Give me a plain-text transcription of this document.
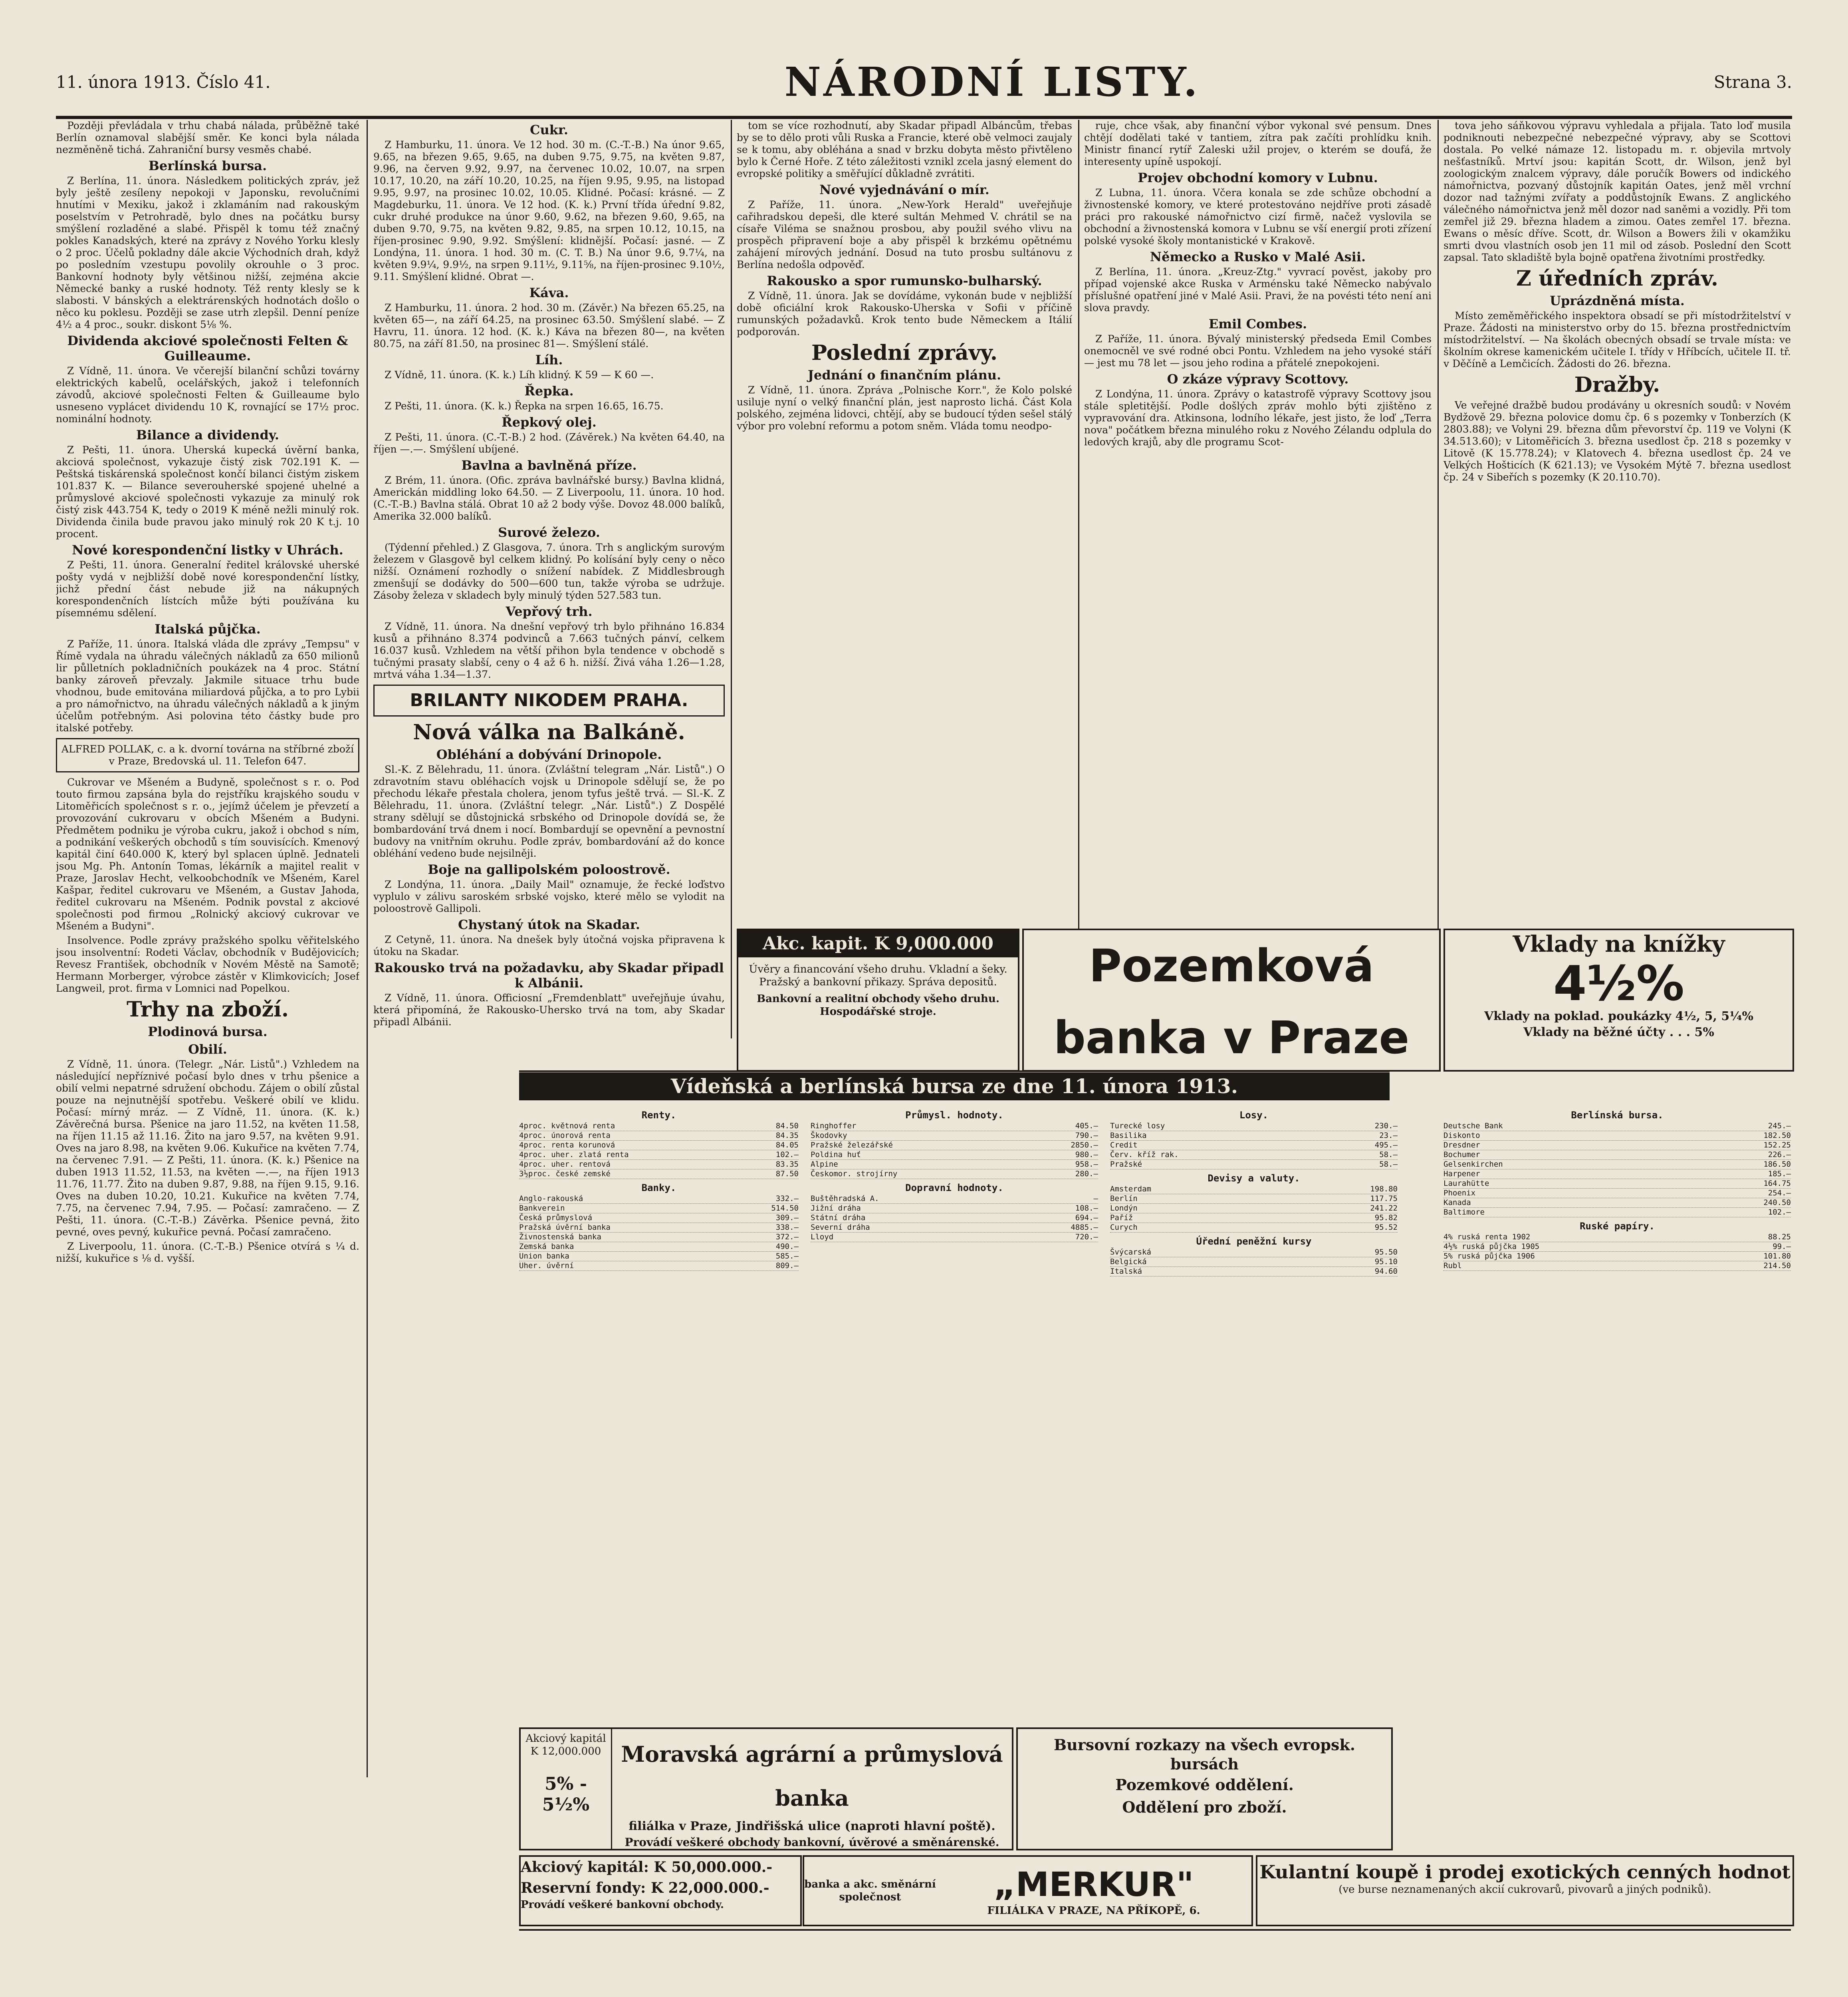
11. února 1913. Číslo 41.	NÁRODNÍ LISTY.	Strana 3.

Později převládala v trhu chabá nálada, průběžně také Berlín oznamoval slabější směr. Ke konci byla nálada nezměněně tichá. Zahraniční bursy vesměs chabé.

Berlínská bursa.

Z Berlína, 11. února. Následkem politických zpráv, jež byly ještě zesíleny nepokoji v Japonsku, revolučními hnutími v Mexiku, jakož i zklamáním nad rakouským poselstvím v Petrohradě, bylo dnes na počátku bursy smýšlení rozladěné a slabé. Přispěl k tomu též značný pokles Kanadských, které na zprávy z Nového Yorku klesly o 2 proc. Účelů pokladny dále akcie Východních drah, když po posledním vzestupu povolily okrouhle o 3 proc. Bankovní hodnoty byly většinou nižší, zejména akcie Německé banky a ruské hodnoty. Též renty klesly se k slabosti. V bánských a elektrárenských hodnotách došlo o něco ku poklesu. Později se zase utrh zlepšil. Denní peníze 4½ a 4 proc., soukr. diskont 5⅛ %.

Dividenda akciové společnosti Felten & Guilleaume.

Z Vídně, 11. února. Ve včerejší bilanční schůzi továrny elektrických kabelů, ocelářských, jakož i telefonních závodů, akciové společnosti Felten & Guilleaume bylo usneseno vyplácet dividendu 10 K, rovnající se 17½ proc. nominální hodnoty.

Bilance a dividendy.

Z Pešti, 11. února. Uherská kupecká úvěrní banka, akciová společnost, vykazuje čistý zisk 702.191 K. — Peštská tiskárenská společnost končí bilanci čistým ziskem 101.837 K. — Bilance severouherské spojené uhelné a průmyslové akciové společnosti vykazuje za minulý rok čistý zisk 443.754 K, tedy o 2019 K méně nežli minulý rok. Dividenda činila bude pravou jako minulý rok 20 K t.j. 10 procent.

Nové korespondenční listky v Uhrách.

Z Pešti, 11. února. Generalní ředitel královské uherské pošty vydá v nejbližší době nové korespondenční lístky, jichž přední část nebude již na nákupných korespondenčních lístcích může býti používána ku písemnému sdělení.

Italská půjčka.

Z Paříže, 11. února. Italská vláda dle zprávy „Tempsu" v Římě vydala na úhradu válečných nákladů za 650 milionů lir půlletních pokladničních poukázek na 4 proc. Státní banky zároveň převzaly. Jakmile situace trhu bude vhodnou, bude emitována miliardová půjčka, a to pro Lybii a pro námořnictvo, na úhradu válečných nákladů a k jiným účelům potřebným. Asi polovina této částky bude pro italské potřeby.

ALFRED POLLAK, c. a k. dvorní továrna na stříbrné zboží v Praze, Bredovská ul. 11. Telefon 647.

Cukrovar ve Mšeném a Budyně, společnost s r. o. Pod touto firmou zapsána byla do rejstříku krajského soudu v Litoměřicích společnost s r. o., jejímž účelem je převzetí a provozování cukrovaru v obcích Mšeném a Budyni. Předmětem podniku je výroba cukru, jakož i obchod s ním, a podnikání veškerých obchodů s tím souvisících. Kmenový kapitál činí 640.000 K, který byl splacen úplně. Jednateli jsou Mg. Ph. Antonín Tomas, lékárník a majitel realit v Praze, Jaroslav Hecht, velkoobchodník ve Mšeném, Karel Kašpar, ředitel cukrovaru ve Mšeném, a Gustav Jahoda, ředitel cukrovaru na Mšeném. Podnik povstal z akciové společnosti pod firmou „Rolnický akciový cukrovar ve Mšeném a Budyni".

Insolvence. Podle zprávy pražského spolku věřitelského jsou insolventní: Rodeti Václav, obchodník v Budějovicích; Revesz František, obchodník v Novém Městě na Samotě; Hermann Morberger, výrobce zástěr v Klimkovicích; Josef Langweil, prot. firma v Lomnici nad Popelkou.

Trhy na zboží.
Plodinová bursa.
Obilí.

Z Vídně, 11. února. (Telegr. „Nár. Listů".) Vzhledem na následující nepříznivé počasí bylo dnes v trhu pšenice a obilí velmi nepatrné sdružení obchodu. Zájem o obilí zůstal pouze na nejnutnější spotřebu. Veškeré obilí ve klidu. Počasí: mírný mráz. — Z Vídně, 11. února. (K. k.) Závěrečná bursa. Pšenice na jaro 11.52, na květen 11.58, na říjen 11.15 až 11.16. Žito na jaro 9.57, na květen 9.91. Oves na jaro 8.98, na květen 9.06. Kukuřice na květen 7.74, na červenec 7.91. — Z Pešti, 11. února. (K. k.) Pšenice na duben 1913 11.52, 11.53, na květen —.—, na říjen 1913 11.76, 11.77. Žito na duben 9.87, 9.88, na říjen 9.15, 9.16. Oves na duben 10.20, 10.21. Kukuřice na květen 7.74, 7.75, na červenec 7.94, 7.95. — Počasí: zamračeno. — Z Pešti, 11. února. (C.-T.-B.) Závěrka. Pšenice pevná, žito pevné, oves pevný, kukuřice pevná. Počasí zamračeno.

Z Liverpoolu, 11. února. (C.-T.-B.) Pšenice otvírá s ¼ d. nižší, kukuřice s ⅛ d. vyšší.

Cukr.

Z Hamburku, 11. února. Ve 12 hod. 30 m. (C.-T.-B.) Na únor 9.65, 9.65, na březen 9.65, 9.65, na duben 9.75, 9.75, na květen 9.87, 9.96, na červen 9.92, 9.97, na červenec 10.02, 10.07, na srpen 10.17, 10.20, na září 10.20, 10.25, na říjen 9.95, 9.95, na listopad 9.95, 9.97, na prosinec 10.02, 10.05. Klidné. Počasí: krásné. — Z Magdeburku, 11. února. Ve 12 hod. (K. k.) První třída úřední 9.82, cukr druhé produkce na únor 9.60, 9.62, na březen 9.60, 9.65, na duben 9.70, 9.75, na květen 9.82, 9.85, na srpen 10.12, 10.15, na říjen-prosinec 9.90, 9.92. Smýšlení: klidnější. Počasí: jasné. — Z Londýna, 11. února. 1 hod. 30 m. (C. T. B.) Na únor 9.6, 9.7¼, na květen 9.9¼, 9.9½, na srpen 9.11½, 9.11⅝, na říjen-prosinec 9.10½, 9.11. Smýšlení klidné. Obrat —.

Káva.

Z Hamburku, 11. února. 2 hod. 30 m. (Závěr.) Na březen 65.25, na květen 65—, na září 64.25, na prosinec 63.50. Smýšlení slabé. — Z Havru, 11. února. 12 hod. (K. k.) Káva na březen 80—, na květen 80.75, na září 81.50, na prosinec 81—. Smýšlení stálé.

Líh.

Z Vídně, 11. února. (K. k.) Líh klidný. K 59 — K 60 —.

Řepka.

Z Pešti, 11. února. (K. k.) Řepka na srpen 16.65, 16.75.

Řepkový olej.

Z Pešti, 11. února. (C.-T.-B.) 2 hod. (Závěrek.) Na květen 64.40, na říjen —.—. Smýšlení ubíjené.

Bavlna a bavlněná příze.

Z Brém, 11. února. (Ofic. zpráva bavlnářské bursy.) Bavlna klidná, Americkán middling loko 64.50. — Z Liverpoolu, 11. února. 10 hod. (C.-T.-B.) Bavlna stálá. Obrat 10 až 2 body výše. Dovoz 48.000 balíků, Amerika 32.000 balíků.

Surové železo.

(Týdenní přehled.) Z Glasgova, 7. února. Trh s anglickým surovým železem v Glasgově byl celkem klidný. Po kolísání byly ceny o něco nižší. Oznámení rozhodly o snížení nabídek. Z Middlesbrough zmenšují se dodávky do 500—600 tun, takže výroba se udržuje. Zásoby železa v skladech byly minulý týden 527.583 tun.

Vepřový trh.

Z Vídně, 11. února. Na dnešní vepřový trh bylo přihnáno 16.834 kusů a přihnáno 8.374 podvinců a 7.663 tučných pánví, celkem 16.037 kusů. Vzhledem na větší přihon byla tendence v obchodě s tučnými prasaty slabší, ceny o 4 až 6 h. nižší. Živá váha 1.26—1.28, mrtvá váha 1.34—1.37.

BRILANTY NIKODEM PRAHA.
Nová válka na Balkáně.
Obléhání a dobývání Drinopole.

Sl.-K. Z Bělehradu, 11. února. (Zvláštní telegram „Nár. Listů".) O zdravotním stavu obléhacích vojsk u Drinopole sdělují se, že po přechodu lékaře přestala cholera, jenom tyfus ještě trvá. — Sl.-K. Z Bělehradu, 11. února. (Zvláštní telegr. „Nár. Listů".) Z Dospělé strany sdělují se důstojnická srbského od Drinopole dovídá se, že bombardování trvá dnem i nocí. Bombardují se opevnění a pevnostní budovy na vnitřním okruhu. Podle zpráv, bombardování až do konce obléhání vedeno bude nejsilněji.

Boje na gallipolském poloostrově.

Z Londýna, 11. února. „Daily Mail" oznamuje, že řecké loďstvo vyplulo v zálivu saroském srbské vojsko, které mělo se vylodit na poloostrově Gallipoli.

Chystaný útok na Skadar.

Z Cetyně, 11. února. Na dnešek byly útočná vojska připravena k útoku na Skadar.

Rakousko trvá na požadavku, aby Skadar připadl k Albánii.

Z Vídně, 11. února. Officiosní „Fremdenblatt" uveřejňuje úvahu, která připomíná, že Rakousko-Uhersko trvá na tom, aby Skadar připadl Albánii.

tom se více rozhodnutí, aby Skadar připadl Albáncům, třebas by se to dělo proti vůli Ruska a Francie, které obě velmoci zaujaly se k tomu, aby obléhána a snad v brzku dobyta město přivtěleno bylo k Černé Hoře. Z této záležitosti vznikl zcela jasný element do evropské politiky a směřující důkladně zvrátiti.

Nové vyjednávání o mír.

Z Paříže, 11. února. „New-York Herald" uveřejňuje cařihradskou depeši, dle které sultán Mehmed V. chrátil se na císaře Viléma se snažnou prosbou, aby použil svého vlivu na prospěch připravení boje a aby přispěl k brzkému opětnému zahájení mírových jednání. Dosud na tuto prosbu sultánovu z Berlína nedošla odpověď.

Rakousko a spor rumunsko-bulharský.

Z Vídně, 11. února. Jak se dovídáme, vykonán bude v nejbližší době oficiální krok Rakousko-Uherska v Sofii v příčině rumunských požadavků. Krok tento bude Německem a Itálií podporován.

Poslední zprávy.
Jednání o finančním plánu.

Z Vídně, 11. února. Zpráva „Polnische Korr.", že Kolo polské usiluje nyní o velký finanční plán, jest naprosto lichá. Část Kola polského, zejména lidovci, chtějí, aby se budoucí týden sešel stálý výbor pro volební reformu a potom sněm. Vláda tomu neodpo-

ruje, chce však, aby finanční výbor vykonal své pensum. Dnes chtějí dodělati také v tantiem, zítra pak začíti prohlídku knih. Ministr financí rytíř Zaleski užil projev, o kterém se doufá, že interesenty upíně uspokojí.

Projev obchodní komory v Lubnu.

Z Lubna, 11. února. Včera konala se zde schůze obchodní a živnostenské komory, ve které protestováno nejdříve proti zásadě práci pro rakouské námořnictvo cizí firmě, načež vyslovila se obchodní a živnostenská komora v Lubnu se vší energií proti zřízení polské vysoké školy montanistické v Krakově.

Německo a Rusko v Malé Asii.

Z Berlína, 11. února. „Kreuz-Ztg." vyvrací pověst, jakoby pro případ vojenské akce Ruska v Arménsku také Německo nabývalo příslušné opatření jiné v Malé Asii. Pravi, že na povésti této není ani slova pravdy.

Emil Combes.

Z Paříže, 11. února. Bývalý ministerský předseda Emil Combes onemocněl ve své rodné obci Pontu. Vzhledem na jeho vysoké stáří — jest mu 78 let — jsou jeho rodina a přátelé znepokojeni.

O zkáze výpravy Scottovy.

Z Londýna, 11. února. Zprávy o katastrofě výpravy Scottovy jsou stále spletitější. Podle došlých zpráv mohlo býti zjištěno z vypravování dra. Atkinsona, lodního lékaře, jest jisto, že loď „Terra nova" počátkem března minulého roku z Nového Zélandu odplula do ledových krajů, aby dle programu Scot-

tova jeho sáňkovou výpravu vyhledala a přijala. Tato loď musila podniknouti nebezpečné nebezpečné výpravy, aby se Scottovi dostala. Po velké námaze 12. listopadu m. r. objevila mrtvoly nešťastníků. Mrtví jsou: kapitán Scott, dr. Wilson, jenž byl zoologickým znalcem výpravy, dále poručík Bowers od indického námořnictva, pozvaný důstojník kapitán Oates, jenž měl vrchní dozor nad tažnými zvířaty a poddůstojník Ewans. Z anglického válečného námořnictva jenž měl dozor nad saněmi a vozidly. Při tom zemřel již 29. března hladem a zimou. Oates zemřel 17. března. Ewans o měsíc dříve. Scott, dr. Wilson a Bowers žili v okamžiku smrti dvou vlastních osob jen 11 mil od zásob. Poslední den Scott zapsal. Tato skladiště byla bojně opatřena životními prostředky.

Z úředních zpráv.
Uprázdněná místa.

Místo zeměměřického inspektora obsadí se při místodržitelství v Praze. Žádosti na ministerstvo orby do 15. března prostřednictvím místodržitelství. — Na školách obecných obsadí se trvale místa: ve školním okrese kamenickém učitele I. třídy v Hříbcích, učitele II. tř. v Děčíně a Lemčicích. Žádosti do 26. března.

Dražby.

Ve veřejné dražbě budou prodávány u okresních soudů: v Novém Bydžově 29. března polovice domu čp. 6 s pozemky v Tonberzích (K 2803.88); ve Volyni 29. března dům převorství čp. 119 ve Volyni (K 34.513.60); v Litoměřicích 3. března usedlost čp. 218 s pozemky v Litově (K 15.778.24); v Klatovech 4. března usedlost čp. 24 ve Velkých Hošticích (K 621.13); ve Vysokém Mýtě 7. března usedlost čp. 24 v Sibeřích s pozemky (K 20.110.70).

Akc. kapit. K 9,000.000
Úvěry a financování všeho druhu. Vkladní a šeky. Pražský a bankovní přikazy. Správa depositů.
Bankovní a realitní obchody všeho druhu. Hospodářské stroje.
Pozemková banka v Praze
Vklady na knížky
4½%
Vklady na poklad. poukázky 4½, 5, 5¼%
Vklady na běžné účty . . . 5%
Vídeňská a berlínská bursa ze dne 11. února 1913.
Renty.
4proc. květnová renta	84.50
4proc. únorová renta	84.35
4proc. renta korunová	84.05
4proc. uher. zlatá renta	102.—
4proc. uher. rentová	83.35
3½proc. české zemské	87.50
Banky.
Anglo-rakouská	332.—
Bankverein	514.50
Česká průmyslová	309.—
Pražská úvěrní banka	338.—
Živnostenská banka	372.—
Zemská banka	490.—
Union banka	585.—
Uher. úvěrní	809.—
Průmysl. hodnoty.
Ringhoffer	405.—
Škodovky	790.—
Pražské železářské	2850.—
Poldina huť	980.—
Alpine	958.—
Českomor. strojírny	280.—
Dopravní hodnoty.
Buštěhradská A.	—
Jižní dráha	108.—
Státní dráha	694.—
Severní dráha	4885.—
Lloyd	720.—
Losy.
Turecké losy	230.—
Basilika	23.—
Credit	495.—
Červ. kříž rak.	58.—
Pražské	58.—
Devisy a valuty.
Amsterdam	198.80
Berlín	117.75
Londýn	241.22
Paříž	95.82
Curych	95.52
Úřední peněžní kursy
Švýcarská	95.50
Belgická	95.10
Italská	94.60
Berlínská bursa.
Deutsche Bank	245.—
Diskonto	182.50
Dresdner	152.25
Bochumer	226.—
Gelsenkirchen	186.50
Harpener	185.—
Laurahütte	164.75
Phoenix	254.—
Kanada	240.50
Baltimore	102.—
Ruské papíry.
4% ruská renta 1902	88.25
4½% ruská půjčka 1905	99.—
5% ruská půjčka 1906	101.80
Rubl	214.50
Akciový kapitál K 12,000.000
5% - 5½%
Moravská agrární a průmyslová banka
filiálka v Praze, Jindřišská ulice (naproti hlavní poště).
Provádí veškeré obchody bankovní, úvěrové a směnárenské.
Bursovní rozkazy na všech evropsk. bursách
Pozemkové oddělení.
Oddělení pro zboží.
Akciový kapitál: K 50,000.000.-
Reservní fondy: K 22,000.000.-
Provádí veškeré bankovní obchody.
banka a akc. směnární společnost	„MERKUR"
FILIÁLKA V PRAZE, NA PŘÍKOPĚ, 6.
Kulantní koupě i prodej exotických cenných hodnot
(ve burse neznamenaných akcií cukrovarů, pivovarů a jiných podniků).
